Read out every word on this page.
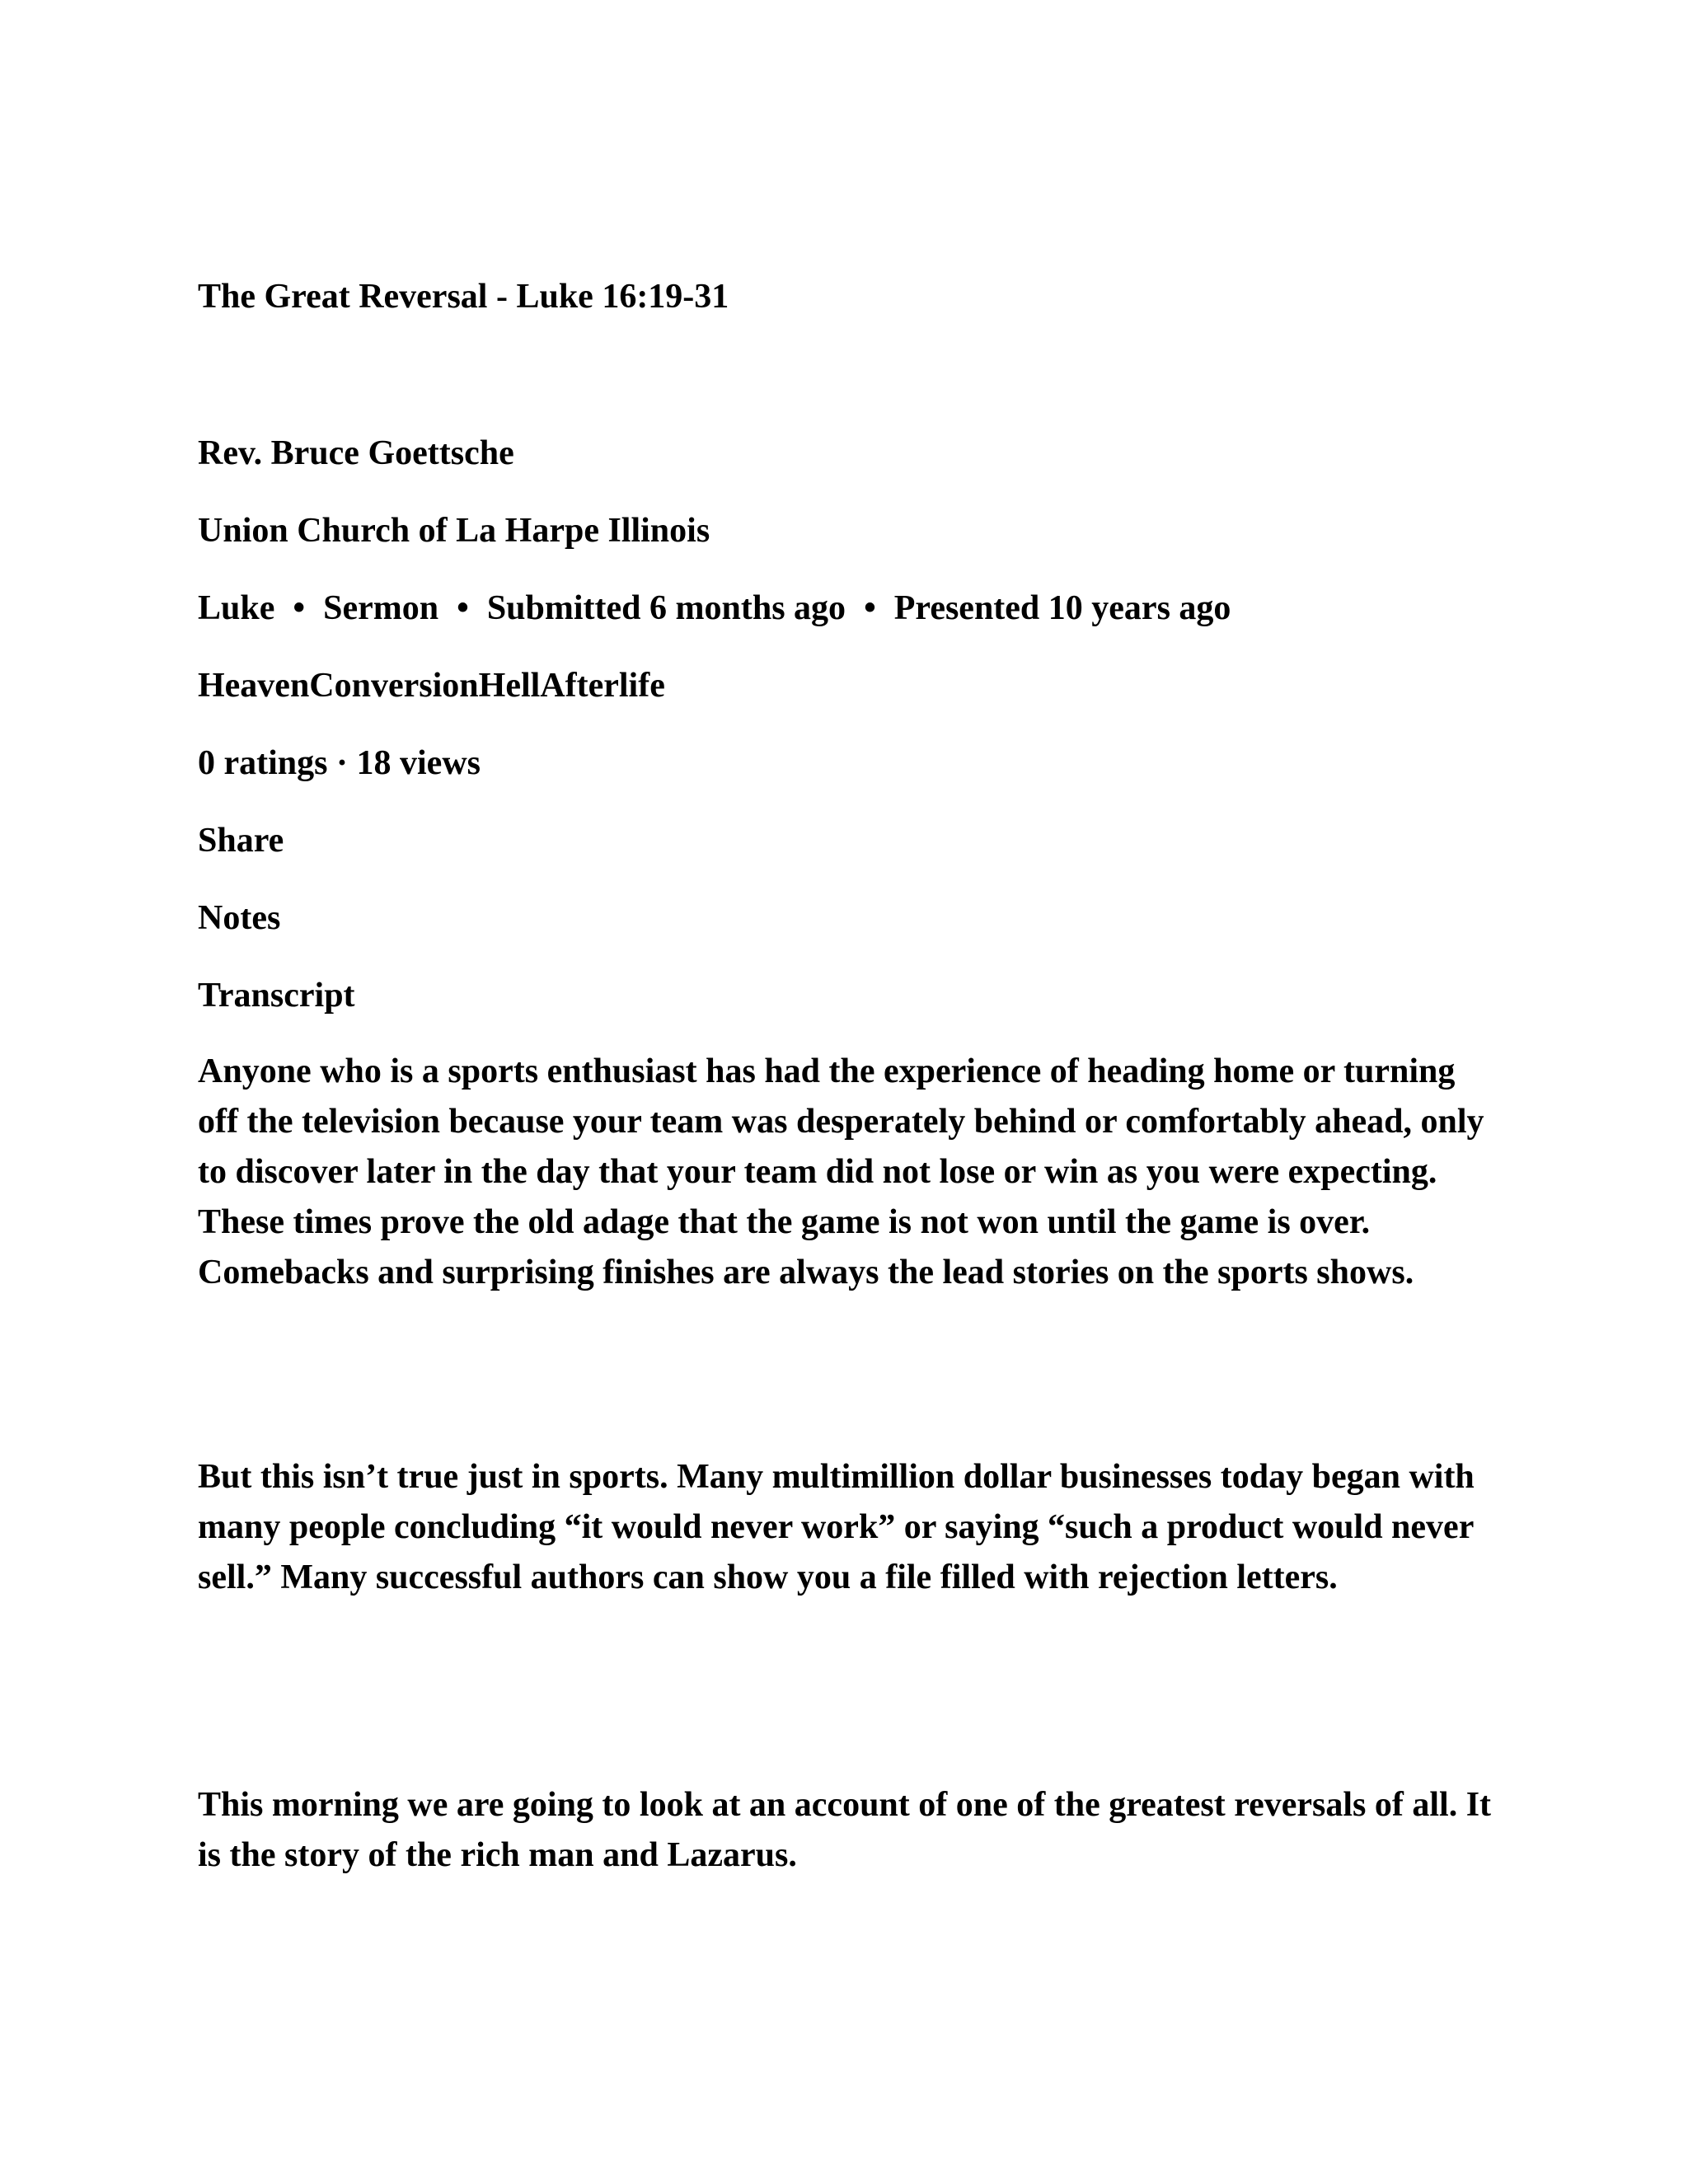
The Great Reversal - Luke 16:19-31

Rev. Bruce Goettsche

Union Church of La Harpe Illinois

Luke • Sermon • Submitted 6 months ago • Presented 10 years ago

HeavenConversionHellAfterlife

0 ratings · 18 views

Share

Notes

Transcript

Anyone who is a sports enthusiast has had the experience of heading home or turning off the television because your team was desperately behind or comfortably ahead, only to discover later in the day that your team did not lose or win as you were expecting. These times prove the old adage that the game is not won until the game is over. Comebacks and surprising finishes are always the lead stories on the sports shows.

But this isn’t true just in sports. Many multimillion dollar businesses today began with many people concluding “it would never work” or saying “such a product would never sell.” Many successful authors can show you a file filled with rejection letters.

This morning we are going to look at an account of one of the greatest reversals of all. It is the story of the rich man and Lazarus.
